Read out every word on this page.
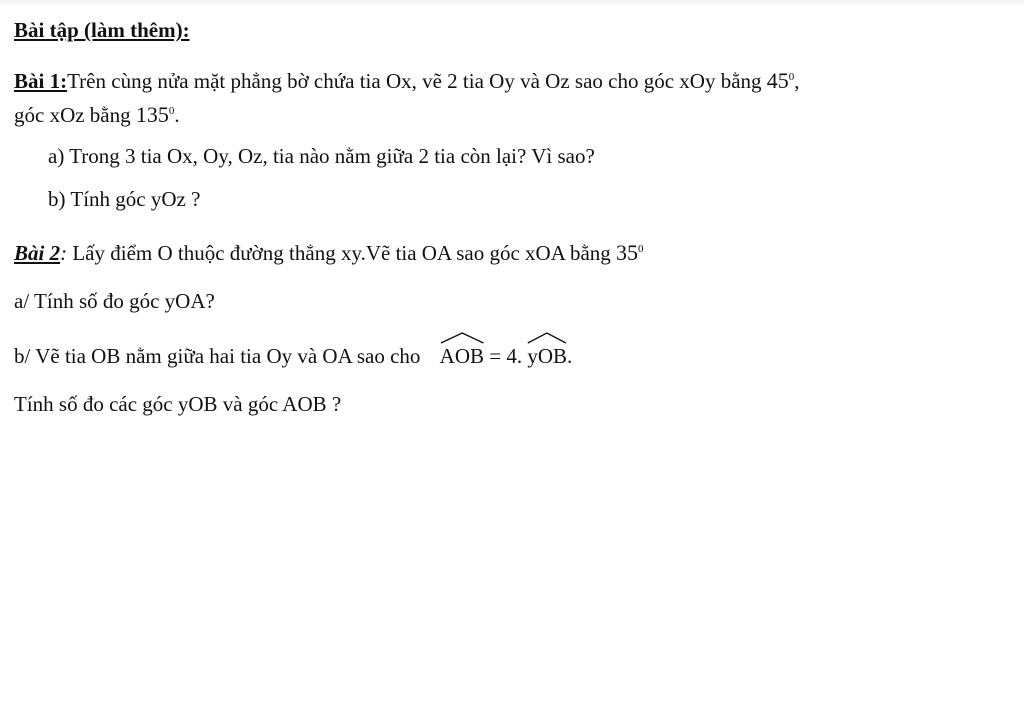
Bài tập (làm thêm):
Bài 1:Trên cùng nửa mặt phẳng bờ chứa tia Ox, vẽ 2 tia Oy và Oz sao cho góc xOy bằng $45^0$,
góc xOz bằng $135^0$.
a) Trong 3 tia Ox, Oy, Oz, tia nào nằm giữa 2 tia còn lại? Vì sao?
b) Tính góc yOz ?
Bài 2: Lấy điểm O thuộc đường thẳng xy.Vẽ tia OA sao góc xOA bằng $35^0$
a/ Tính số đo góc yOA?
b/ Vẽ tia OB nằm giữa hai tia Oy và OA sao cho
AOB = 4.
yOB.
Tính số đo các góc yOB và góc AOB ?
